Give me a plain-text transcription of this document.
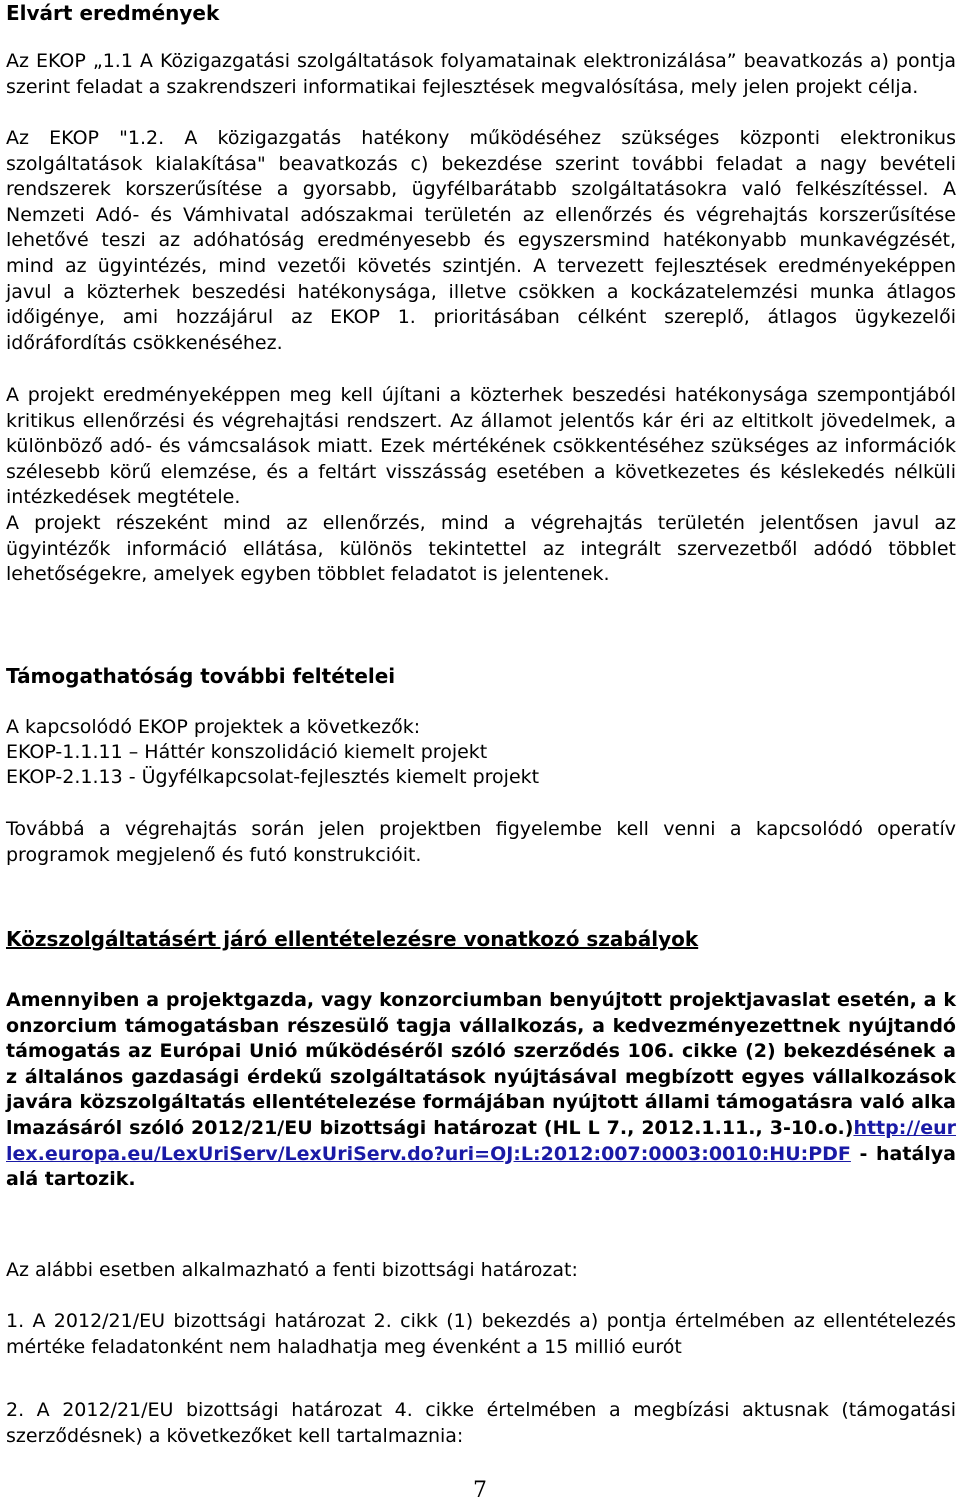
Elvárt eredmények

Az EKOP „1.1 A Közigazgatási szolgáltatások folyamatainak elektronizálása” beavatkozás a) pontja szerint feladat a szakrendszeri informatikai fejlesztések megvalósítása, mely jelen projekt célja.

Az EKOP "1.2. A közigazgatás hatékony működéséhez szükséges központi elektronikus szolgáltatások kialakítása" beavatkozás c) bekezdése szerint további feladat a nagy bevételi rendszerek korszerűsítése a gyorsabb, ügyfélbarátabb szolgáltatásokra való felkészítéssel. A Nemzeti Adó- és Vámhivatal adószakmai területén az ellenőrzés és végrehajtás korszerűsítése lehetővé teszi az adóhatóság eredményesebb és egyszersmind hatékonyabb munkavégzését, mind az ügyintézés, mind vezetői követés szintjén. A tervezett fejlesztések eredményeképpen javul a közterhek beszedési hatékonysága, illetve csökken a kockázatelemzési munka átlagos időigénye, ami hozzájárul az EKOP 1. prioritásában célként szereplő, átlagos ügykezelői időráfordítás csökkenéséhez.

A projekt eredményeképpen meg kell újítani a közterhek beszedési hatékonysága szempontjából kritikus ellenőrzési és végrehajtási rendszert. Az államot jelentős kár éri az eltitkolt jövedelmek, a különböző adó- és vámcsalások miatt. Ezek mértékének csökkentéséhez szükséges az információk szélesebb körű elemzése, és a feltárt visszásság esetében a következetes és késlekedés nélküli intézkedések megtétele.

A projekt részeként mind az ellenőrzés, mind a végrehajtás területén jelentősen javul az ügyintézők információ ellátása, különös tekintettel az integrált szervezetből adódó többlet lehetőségekre, amelyek egyben többlet feladatot is jelentenek.

Támogathatóság további feltételei

A kapcsolódó EKOP projektek a következők:

EKOP-1.1.11 – Háttér konszolidáció kiemelt projekt

EKOP-2.1.13 - Ügyfélkapcsolat-fejlesztés kiemelt projekt

Továbbá a végrehajtás során jelen projektben figyelembe kell venni a kapcsolódó operatív programok megjelenő és futó konstrukcióit.

Közszolgáltatásért járó ellentételezésre vonatkozó szabályok

Amennyiben a projektgazda, vagy konzorciumban benyújtott projektjavaslat esetén, a konzorcium támogatásban részesülő tagja vállalkozás, a kedvezményezettnek nyújtandó támogatás az Európai Unió működéséről szóló szerződés 106. cikke (2) bekezdésének az általános gazdasági érdekű szolgáltatások nyújtásával megbízott egyes vállalkozások javára közszolgáltatás ellentételezése formájában nyújtott állami támogatásra való alkalmazásáról szóló 2012/21/EU bizottsági határozat (HL L 7., 2012.1.11., 3-10.o.)http://eurlex.europa.eu/LexUriServ/LexUriServ.do?uri=OJ:L:2012:007:0003:0010:HU:PDF - hatálya alá tartozik.

Az alábbi esetben alkalmazható a fenti bizottsági határozat:

1. A 2012/21/EU bizottsági határozat 2. cikk (1) bekezdés a) pontja értelmében az ellentételezés mértéke feladatonként nem haladhatja meg évenként a 15 millió eurót

2. A 2012/21/EU bizottsági határozat 4. cikke értelmében a megbízási aktusnak (támogatási szerződésnek) a következőket kell tartalmaznia:

7
